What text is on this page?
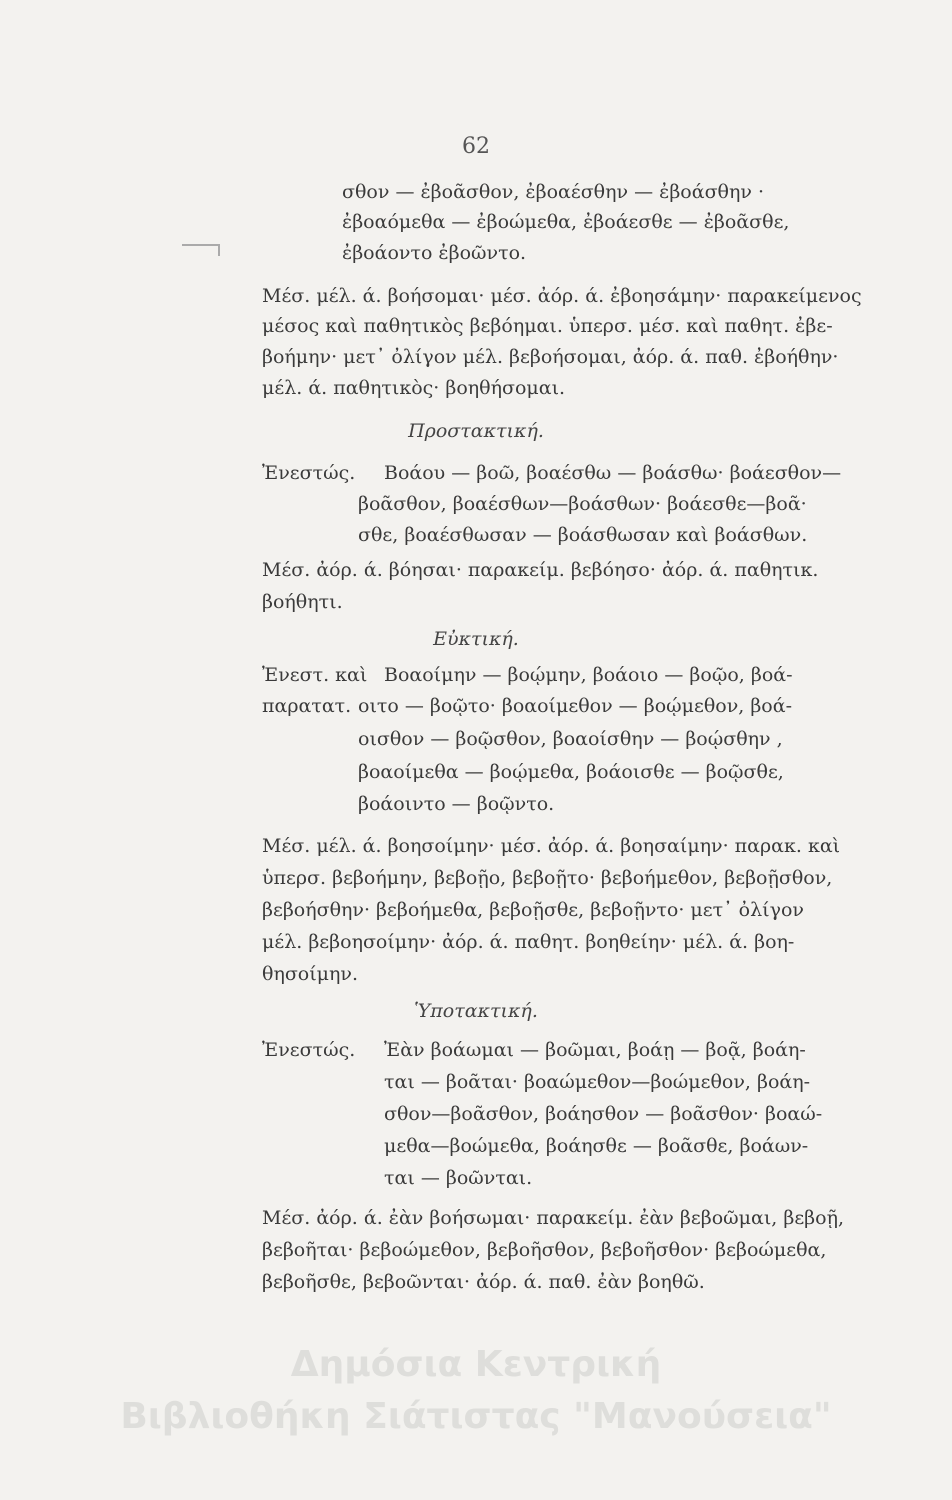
62
σθον — ἐβοᾶσθον, ἐβοαέσθην — ἐβοάσθην ·
ἐβοαόμεθα — ἐβοώμεθα, ἐβοάεσθε — ἐβοᾶσθε,
ἐβοάοντο ἐβοῶντο.
Μέσ. μέλ. ά. βοήσομαι· μέσ. ἀόρ. ά. ἐβοησάμην· παρακείμενος
μέσος καὶ παθητικὸς βεβόημαι. ὑπερσ. μέσ. καὶ παθητ. ἐβε-
βοήμην· μετ᾽ ὀλίγον μέλ. βεβοήσομαι, ἀόρ. ά. παθ. ἐβοήθην·
μέλ. ά. παθητικὸς· βοηθήσομαι.
Προστακτική.
Ἐνεστώς. Βοάου — βοῶ, βοαέσθω — βοάσθω· βοάεσθον—
βοᾶσθον, βοαέσθων—βοάσθων· βοάεσθε—βοᾶ·
σθε, βοαέσθωσαν — βοάσθωσαν καὶ βοάσθων.
Μέσ. ἀόρ. ά. βόησαι· παρακείμ. βεβόησο· ἀόρ. ά. παθητικ.
βοήθητι.
Εὐκτική.
Ἐνεστ. καὶ
παρατατ.
Βοαοίμην — βοῴμην, βοάοιο — βοῷο, βοά-
οιτο — βοῷτο· βοαοίμεθον — βοῴμεθον, βοά-
οισθον — βοῷσθον, βοαοίσθην — βοῴσθην ,
βοαοίμεθα — βοῴμεθα, βοάοισθε — βοῷσθε,
βοάοιντο — βοῷντο.
Μέσ. μέλ. ά. βοησοίμην· μέσ. ἀόρ. ά. βοησαίμην· παρακ. καὶ
ὑπερσ. βεβοήμην, βεβοῇο, βεβοῇτο· βεβοήμεθον, βεβοῇσθον,
βεβοήσθην· βεβοήμεθα, βεβοῇσθε, βεβοῇντο· μετ᾽ ὀλίγον
μέλ. βεβοησοίμην· ἀόρ. ά. παθητ. βοηθείην· μέλ. ά. βοη-
θησοίμην.
Ὑποτακτική.
Ἐνεστώς. Ἐὰν βοάωμαι — βοῶμαι, βοάῃ — βοᾷ, βοάη-
ται — βοᾶται· βοαώμεθον—βοώμεθον, βοάη-
σθον—βοᾶσθον, βοάησθον — βοᾶσθον· βοαώ-
μεθα—βοώμεθα, βοάησθε — βοᾶσθε, βοάων-
ται — βοῶνται.
Μέσ. ἀόρ. ά. ἐὰν βοήσωμαι· παρακείμ. ἐὰν βεβοῶμαι, βεβοῇ,
βεβοῆται· βεβοώμεθον, βεβοῆσθον, βεβοῆσθον· βεβοώμεθα,
βεβοῆσθε, βεβοῶνται· ἀόρ. ά. παθ. ἐὰν βοηθῶ.
Δημόσια Κεντρική
Βιβλιοθήκη Σιάτιστας "Μανούσεια"
